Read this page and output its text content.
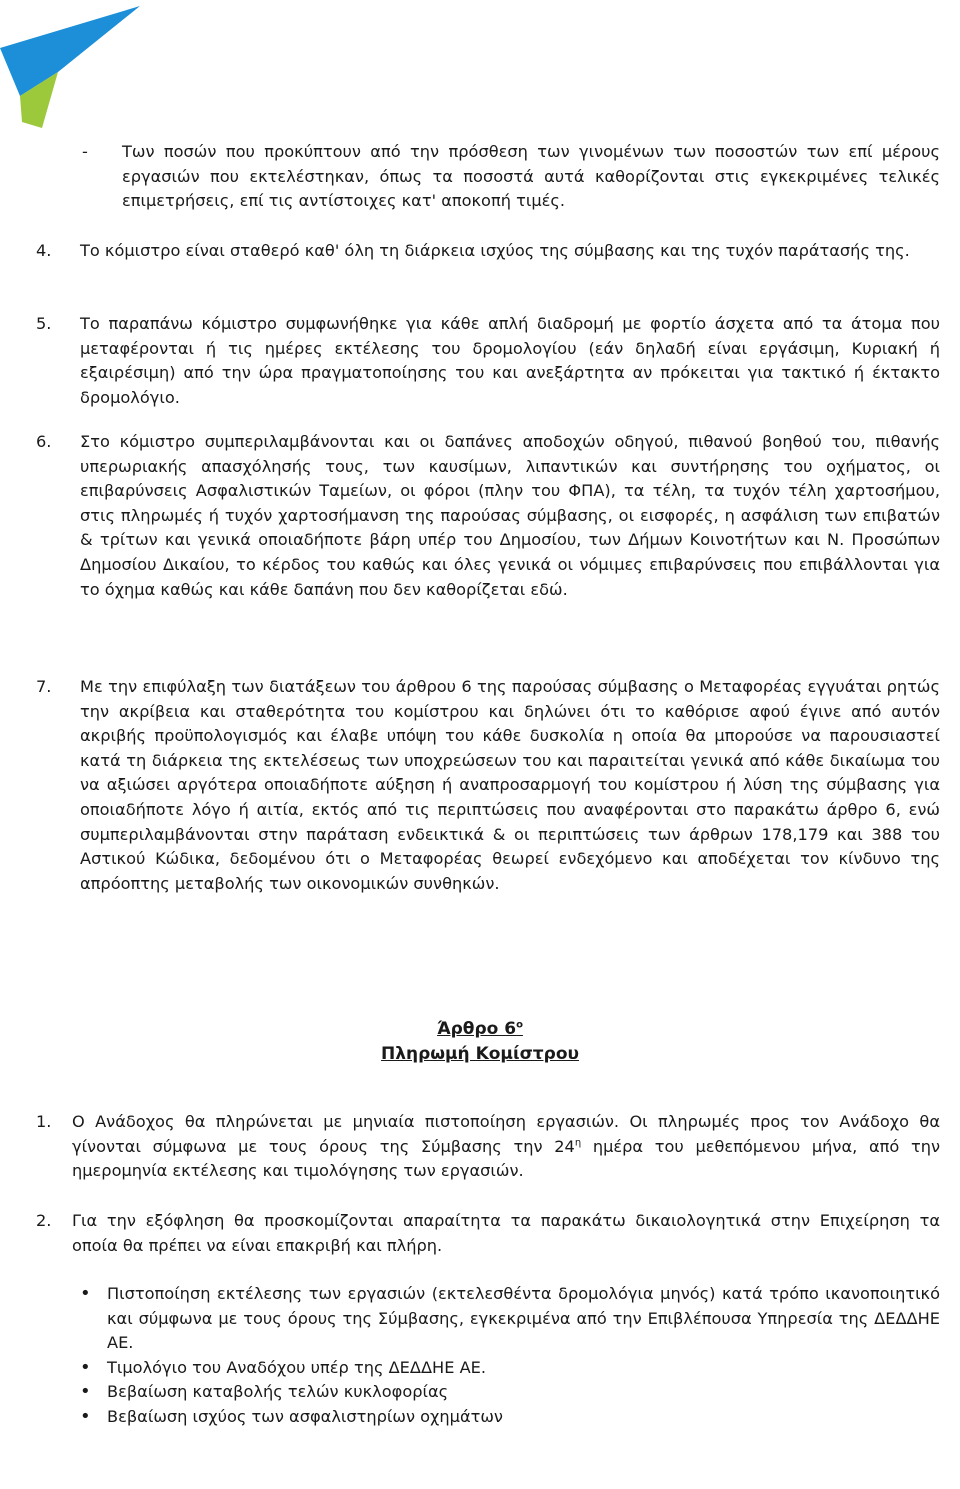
- Των ποσών που προκύπτουν από την πρόσθεση των γινομένων των ποσοστών των επί μέρους εργασιών που εκτελέστηκαν, όπως τα ποσοστά αυτά καθορίζονται στις εγκεκριμένες τελικές επιμετρήσεις, επί τις αντίστοιχες κατ' αποκοπή τιμές.

4. Το κόμιστρο είναι σταθερό καθ' όλη τη διάρκεια ισχύος της σύμβασης και της τυχόν παράτασής της.

5. Το παραπάνω κόμιστρο συμφωνήθηκε για κάθε απλή διαδρομή με φορτίο άσχετα από τα άτομα που μεταφέρονται ή τις ημέρες εκτέλεσης του δρομολογίου (εάν δηλαδή είναι εργάσιμη, Κυριακή ή εξαιρέσιμη) από την ώρα πραγματοποίησης του και ανεξάρτητα αν πρόκειται για τακτικό ή έκτακτο δρομολόγιο.

6. Στο κόμιστρο συμπεριλαμβάνονται και οι δαπάνες αποδοχών οδηγού, πιθανού βοηθού του, πιθανής υπερωριακής απασχόλησής τους, των καυσίμων, λιπαντικών και συντήρησης του οχήματος, οι επιβαρύνσεις Ασφαλιστικών Ταμείων, οι φόροι (πλην του ΦΠΑ), τα τέλη, τα τυχόν τέλη χαρτοσήμου, στις πληρωμές ή τυχόν χαρτοσήμανση της παρούσας σύμβασης, οι εισφορές, η ασφάλιση των επιβατών & τρίτων και γενικά οποιαδήποτε βάρη υπέρ του Δημοσίου, των Δήμων Κοινοτήτων και Ν. Προσώπων Δημοσίου Δικαίου, το κέρδος του καθώς και όλες γενικά οι νόμιμες επιβαρύνσεις που επιβάλλονται για το όχημα καθώς και κάθε δαπάνη που δεν καθορίζεται εδώ.

7. Με την επιφύλαξη των διατάξεων του άρθρου 6 της παρούσας σύμβασης ο Μεταφορέας εγγυάται ρητώς την ακρίβεια και σταθερότητα του κομίστρου και δηλώνει ότι το καθόρισε αφού έγινε από αυτόν ακριβής προϋπολογισμός και έλαβε υπόψη του κάθε δυσκολία η οποία θα μπορούσε να παρουσιαστεί κατά τη διάρκεια της εκτελέσεως των υποχρεώσεων του και παραιτείται γενικά από κάθε δικαίωμα του να αξιώσει αργότερα οποιαδήποτε αύξηση ή αναπροσαρμογή του κομίστρου ή λύση της σύμβασης για οποιαδήποτε λόγο ή αιτία, εκτός από τις περιπτώσεις που αναφέρονται στο παρακάτω άρθρο 6, ενώ συμπεριλαμβάνονται στην παράταση ενδεικτικά & οι περιπτώσεις των άρθρων 178,179 και 388 του Αστικού Κώδικα, δεδομένου ότι ο Μεταφορέας θεωρεί ενδεχόμενο και αποδέχεται τον κίνδυνο της απρόοπτης μεταβολής των οικονομικών συνθηκών.

Άρθρο $6^o$
Πληρωμή Κομίστρου
1. Ο Ανάδοχος θα πληρώνεται με μηνιαία πιστοποίηση εργασιών. Οι πληρωμές προς τον Ανάδοχο θα γίνονται σύμφωνα με τους όρους της Σύμβασης την $24^\eta$ ημέρα του μεθεπόμενου μήνα, από την ημερομηνία εκτέλεσης και τιμολόγησης των εργασιών.

2. Για την εξόφληση θα προσκομίζονται απαραίτητα τα παρακάτω δικαιολογητικά στην Επιχείρηση τα οποία θα πρέπει να είναι επακριβή και πλήρη.

• Πιστοποίηση εκτέλεσης των εργασιών (εκτελεσθέντα δρομολόγια μηνός) κατά τρόπο ικανοποιητικό και σύμφωνα με τους όρους της Σύμβασης, εγκεκριμένα από την Επιβλέπουσα Υπηρεσία της ΔΕΔΔΗΕ ΑΕ.

• Τιμολόγιο του Αναδόχου υπέρ της ΔΕΔΔΗΕ ΑΕ.

• Βεβαίωση καταβολής τελών κυκλοφορίας

• Βεβαίωση ισχύος των ασφαλιστηρίων οχημάτων
